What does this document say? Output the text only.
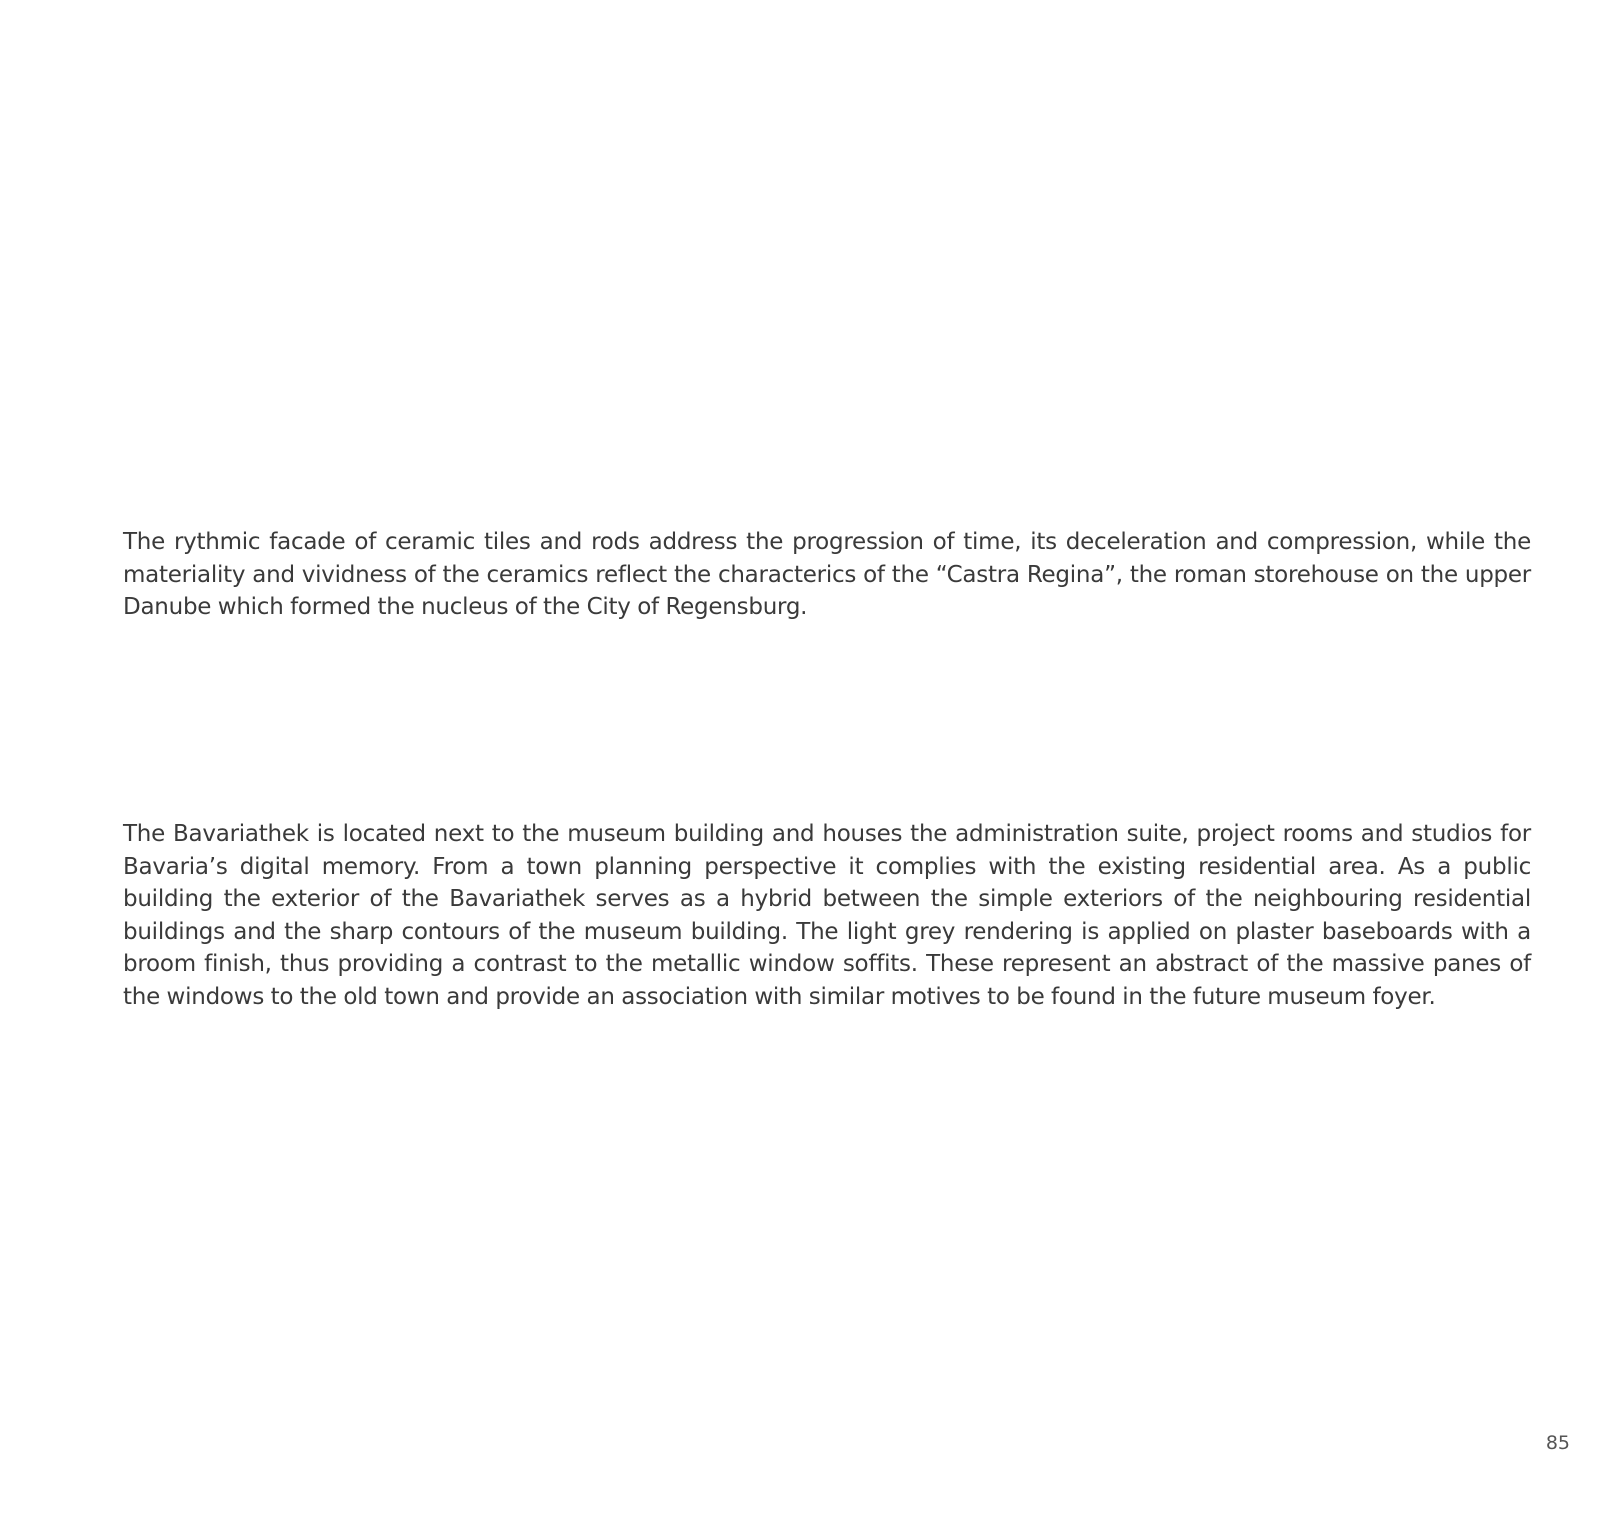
The rythmic facade of ceramic tiles and rods address the progression of time, its deceleration and compression, while the materiality and vividness of the ceramics reflect the characterics of the “Castra Regina”, the roman storehouse on the upper Danube which formed the nucleus of the City of Regensburg.

The Bavariathek is located next to the museum building and houses the administration suite, project rooms and studios for Bavaria’s digital memory. From a town planning perspective it complies with the existing residential area. As a public building the exterior of the Bavariathek serves as a hybrid between the simple exteriors of the neighbouring residential buildings and the sharp contours of the museum building. The light grey rendering is applied on plaster baseboards with a broom finish, thus providing a contrast to the metallic window soffits. These represent an abstract of the massive panes of the windows to the old town and provide an association with similar motives to be found in the future museum foyer.

85
